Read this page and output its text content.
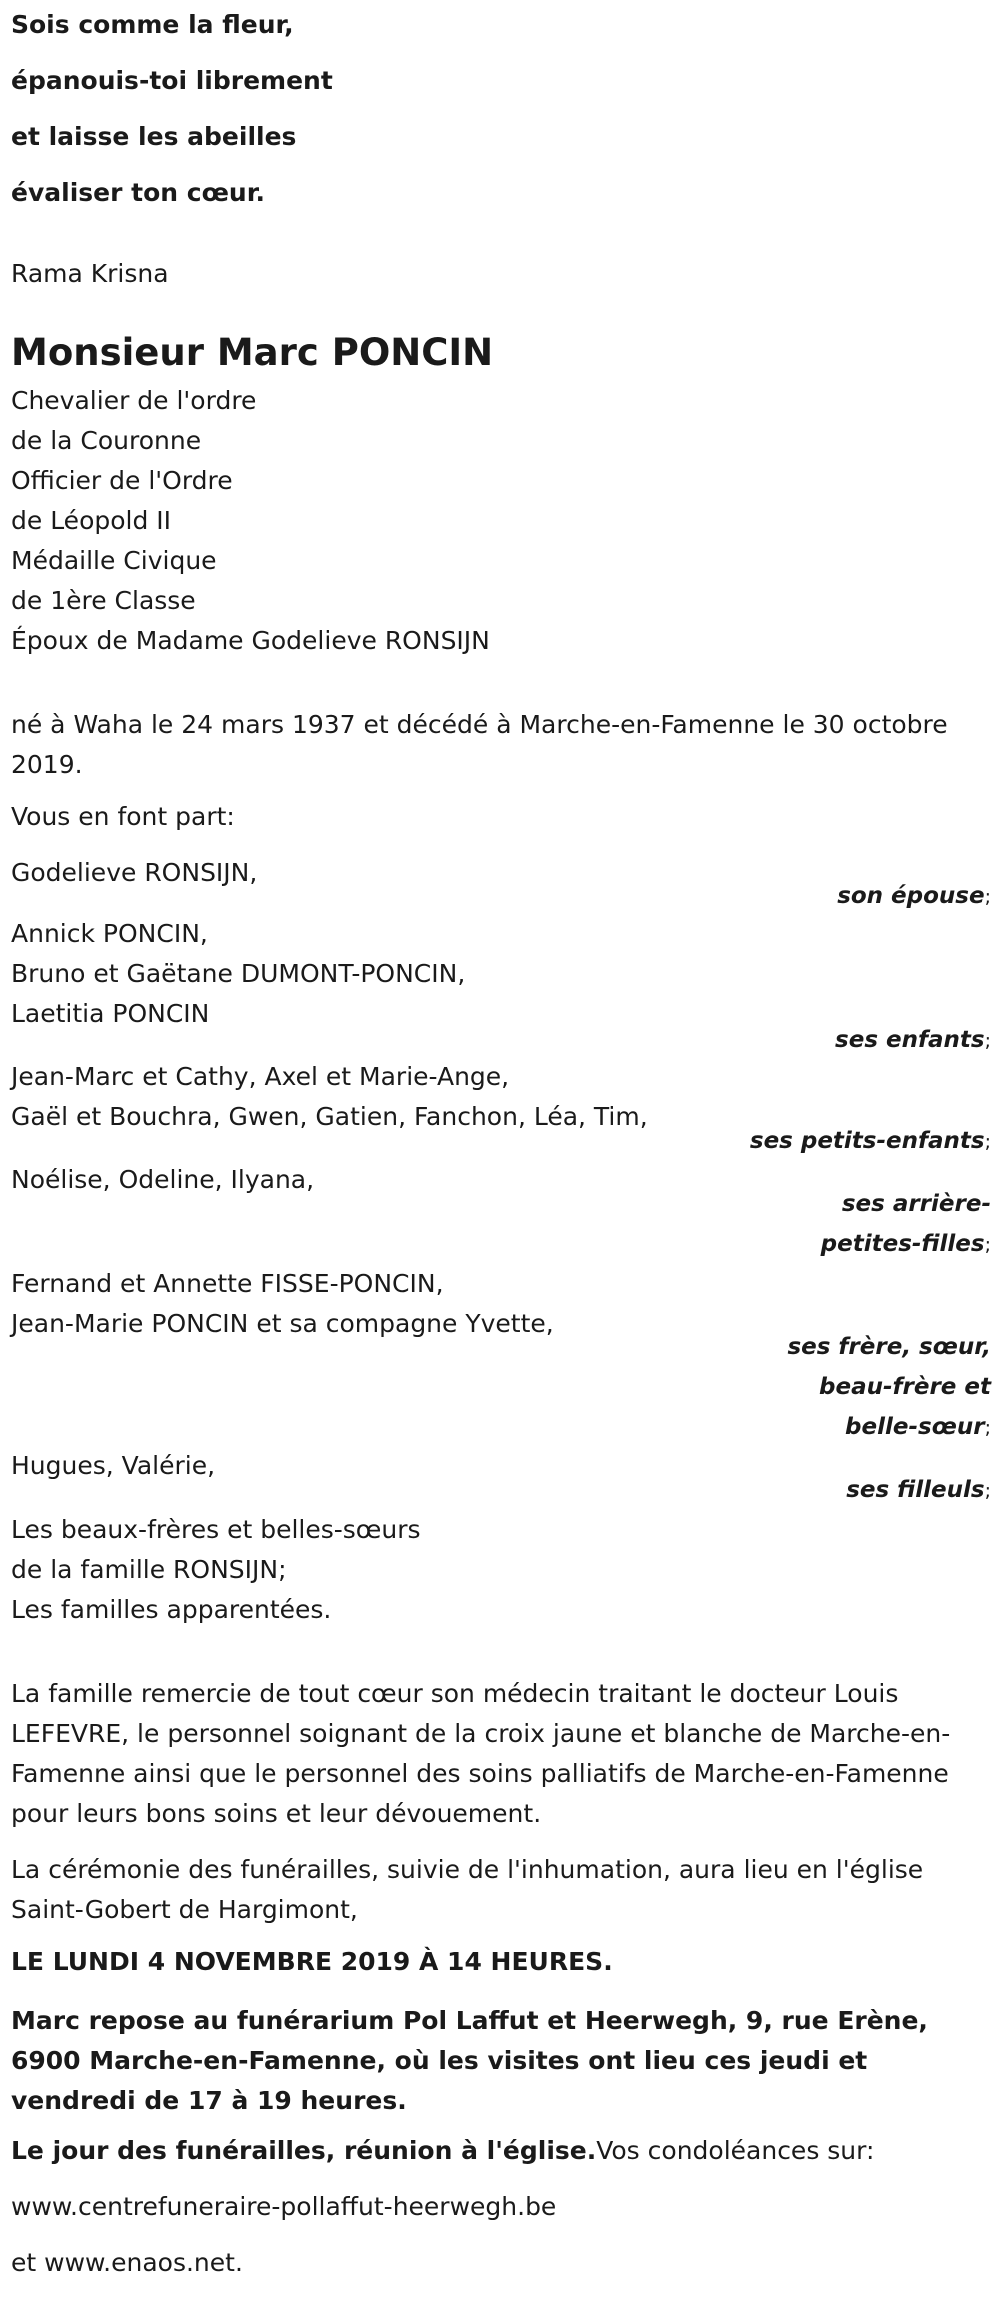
Sois comme la fleur,
épanouis-toi librement
et laisse les abeilles
évaliser ton cœur.
Rama Krisna
Monsieur Marc PONCIN
Chevalier de l'ordre
de la Couronne
Officier de l'Ordre
de Léopold II
Médaille Civique
de 1ère Classe
Époux de Madame Godelieve RONSIJN
né à Waha le 24 mars 1937 et décédé à Marche-en-Famenne le 30 octobre 2019.
Vous en font part:
Godelieve RONSIJN,
son épouse;
Annick PONCIN,
Bruno et Gaëtane DUMONT-PONCIN,
Laetitia PONCIN
ses enfants;
Jean-Marc et Cathy, Axel et Marie-Ange,
Gaël et Bouchra, Gwen, Gatien, Fanchon, Léa, Tim,
ses petits-enfants;
Noélise, Odeline, Ilyana,
ses arrière-
petites-filles;
Fernand et Annette FISSE-PONCIN,
Jean-Marie PONCIN et sa compagne Yvette,
ses frère, sœur,
beau-frère et
belle-sœur;
Hugues, Valérie,
ses filleuls;
Les beaux-frères et belles-sœurs
de la famille RONSIJN;
Les familles apparentées.
La famille remercie de tout cœur son médecin traitant le docteur Louis LEFEVRE, le personnel soignant de la croix jaune et blanche de Marche-en-Famenne ainsi que le personnel des soins palliatifs de Marche-en-Famenne pour leurs bons soins et leur dévouement.
La cérémonie des funérailles, suivie de l'inhumation, aura lieu en l'église Saint-Gobert de Hargimont,
LE LUNDI 4 NOVEMBRE 2019 À 14 HEURES.
Marc repose au funérarium Pol Laffut et Heerwegh, 9, rue Erène, 6900 Marche-en-Famenne, où les visites ont lieu ces jeudi et vendredi de 17 à 19 heures.
Le jour des funérailles, réunion à l'église.Vos condoléances sur:
www.centrefuneraire-pollaffut-heerwegh.be
et www.enaos.net.
